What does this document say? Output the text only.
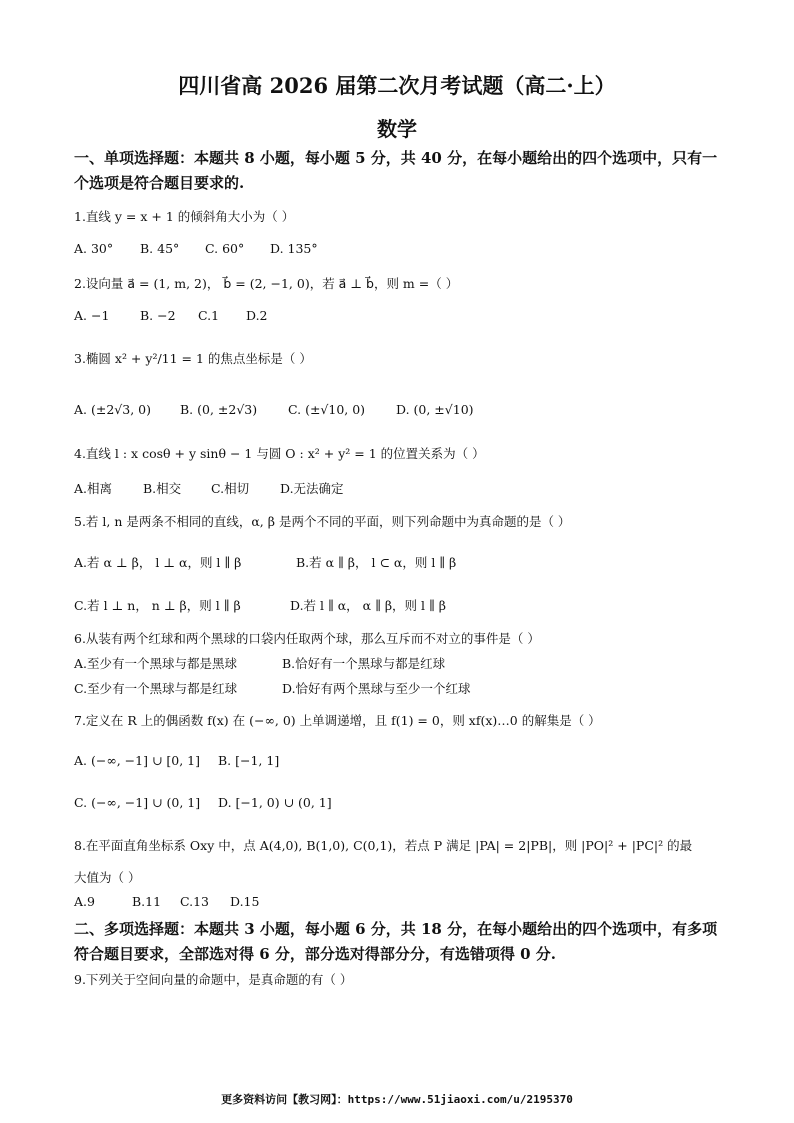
四川省高 2026 届第二次月考试题（高二·上）
数学
一、单项选择题：本题共 8 小题，每小题 5 分，共 40 分，在每小题给出的四个选项中，只有一
个选项是符合题目要求的.
1.直线 y = x + 1 的倾斜角大小为（ ）
A. 30° B. 45° C. 60° D. 135°
2.设向量 a⃗ = (1, m, 2)， b⃗ = (2, −1, 0)，若 a⃗ ⊥ b⃗，则 m =（ ）
A. −1 B. −2 C.1 D.2
3.椭圆 x² + y²/11 = 1 的焦点坐标是（ ）
A. (±2√3, 0) B. (0, ±2√3) C. (±√10, 0) D. (0, ±√10)
4.直线 l : x cosθ + y sinθ − 1 与圆 O : x² + y² = 1 的位置关系为（ ）
A.相离 B.相交 C.相切 D.无法确定
5.若 l, n 是两条不相同的直线，α, β 是两个不同的平面，则下列命题中为真命题的是（ ）
A.若 α ⊥ β， l ⊥ α，则 l ∥ β	B.若 α ∥ β， l ⊂ α，则 l ∥ β
C.若 l ⊥ n， n ⊥ β，则 l ∥ β	D.若 l ∥ α， α ∥ β，则 l ∥ β
6.从装有两个红球和两个黑球的口袋内任取两个球，那么互斥而不对立的事件是（ ）
A.至少有一个黑球与都是黑球	B.恰好有一个黑球与都是红球
C.至少有一个黑球与都是红球	D.恰好有两个黑球与至少一个红球
7.定义在 R 上的偶函数 f(x) 在 (−∞, 0) 上单调递增，且 f(1) = 0，则 xf(x)…0 的解集是（ ）
A. (−∞, −1] ∪ [0, 1] B. [−1, 1]
C. (−∞, −1] ∪ (0, 1] D. [−1, 0) ∪ (0, 1]
8.在平面直角坐标系 Oxy 中，点 A(4,0), B(1,0), C(0,1)，若点 P 满足 |PA| = 2|PB|，则 |PO|² + |PC|² 的最
大值为（ ）
A.9	B.11 C.13 D.15
二、多项选择题：本题共 3 小题，每小题 6 分，共 18 分，在每小题给出的四个选项中，有多项
符合题目要求，全部选对得 6 分，部分选对得部分分，有选错项得 0 分.
9.下列关于空间向量的命题中，是真命题的有（ ）
更多资料访问【教习网】：https://www.51jiaoxi.com/u/2195370
